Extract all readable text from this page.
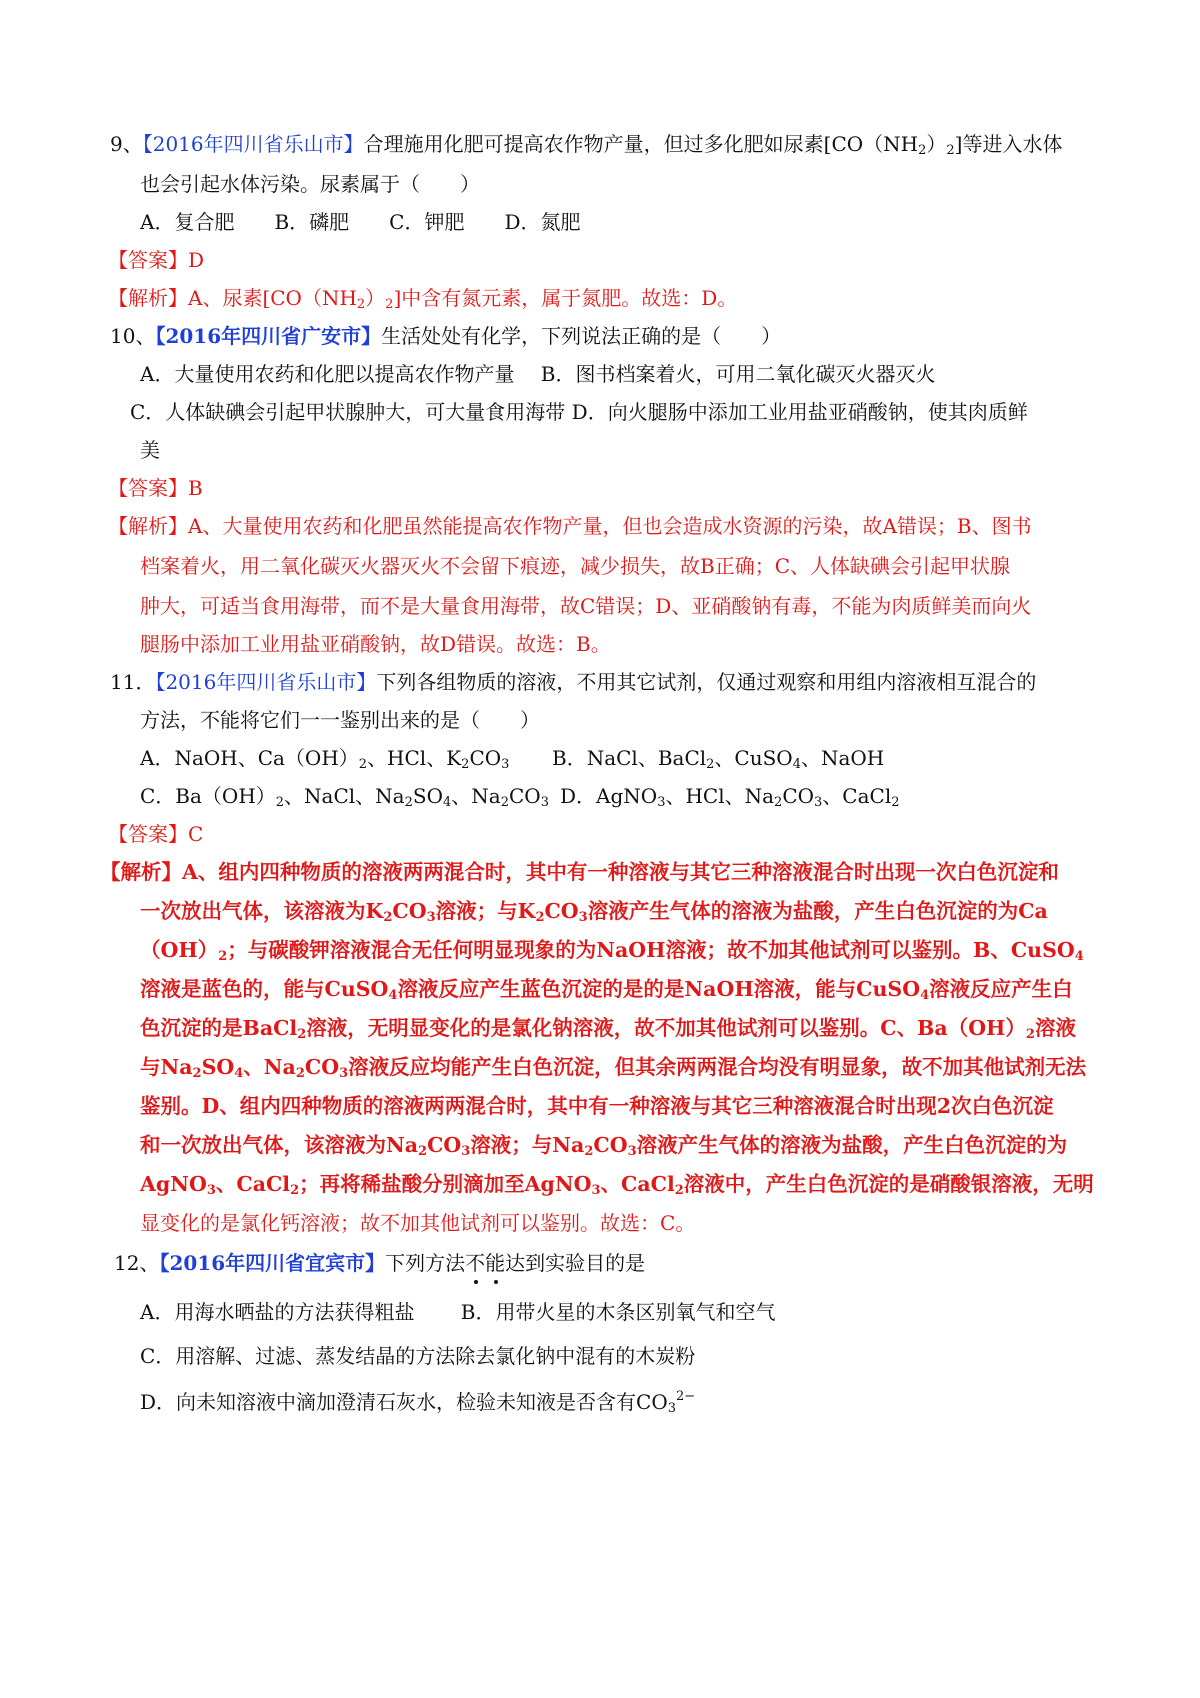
9、【2016年四川省乐山市】合理施用化肥可提高农作物产量，但过多化肥如尿素$[CO(NH_2)_2]$等进入水体
也会引起水体污染。尿素属于（　　）
A．复合肥　　B．磷肥　　C．钾肥　　D．氮肥
【答案】D
【解析】A、尿素$[CO(NH_2)_2]$中含有氮元素，属于氮肥。故选：D。
10、【2016年四川省广安市】生活处处有化学，下列说法正确的是（　　）
A．大量使用农药和化肥以提高农作物产量　 B．图书档案着火，可用二氧化碳灭火器灭火
C．人体缺碘会引起甲状腺肿大，可大量食用海带 D．向火腿肠中添加工业用盐亚硝酸钠，使其肉质鲜
美
【答案】B
【解析】A、大量使用农药和化肥虽然能提高农作物产量，但也会造成水资源的污染，故A错误；B、图书
档案着火，用二氧化碳灭火器灭火不会留下痕迹，减少损失，故B正确；C、人体缺碘会引起甲状腺
肿大，可适当食用海带，而不是大量食用海带，故C错误；D、亚硝酸钠有毒，不能为肉质鲜美而向火
腿肠中添加工业用盐亚硝酸钠，故D错误。故选：B。
11．【2016年四川省乐山市】下列各组物质的溶液，不用其它试剂，仅通过观察和用组内溶液相互混合的
方法，不能将它们一一鉴别出来的是（　　）
A．NaOH、$Ca(OH)_2$、HCl、$K_2CO_3$ B．NaCl、BaCl$_2$、CuSO$_4$、NaOH
C．$Ba(OH)_2$、NaCl、$Na_2SO_4$、$Na_2CO_3$ D．AgNO$_3$、HCl、$Na_2CO_3$、CaCl$_2$
【答案】C
【解析】A、组内四种物质的溶液两两混合时，其中有一种溶液与其它三种溶液混合时出现一次白色沉淀和
一次放出气体，该溶液为$K_2CO_3$溶液；与$K_2CO_3$溶液产生气体的溶液为盐酸，产生白色沉淀的为Ca
$(OH)_2$；与碳酸钾溶液混合无任何明显现象的为NaOH溶液；故不加其他试剂可以鉴别。B、CuSO$_4$
溶液是蓝色的，能与CuSO$_4$溶液反应产生蓝色沉淀的是的是NaOH溶液，能与CuSO$_4$溶液反应产生白
色沉淀的是BaCl$_2$溶液，无明显变化的是氯化钠溶液，故不加其他试剂可以鉴别。C、$Ba(OH)_2$溶液
与$Na_2SO_4$、$Na_2CO_3$溶液反应均能产生白色沉淀，但其余两两混合均没有明显象，故不加其他试剂无法
鉴别。D、组内四种物质的溶液两两混合时，其中有一种溶液与其它三种溶液混合时出现2次白色沉淀
和一次放出气体，该溶液为$Na_2CO_3$溶液；与$Na_2CO_3$溶液产生气体的溶液为盐酸，产生白色沉淀的为
AgNO$_3$、CaCl$_2$；再将稀盐酸分别滴加至AgNO$_3$、CaCl$_2$溶液中，产生白色沉淀的是硝酸银溶液，无明
显变化的是氯化钙溶液；故不加其他试剂可以鉴别。故选：C。
12、【2016年四川省宜宾市】下列方法不能达到实验目的是
A．用海水晒盐的方法获得粗盐　　 B．用带火星的木条区别氧气和空气
C．用溶解、过滤、蒸发结晶的方法除去氯化钠中混有的木炭粉
D．向未知溶液中滴加澄清石灰水，检验未知液是否含有$CO_3^{2-}$
